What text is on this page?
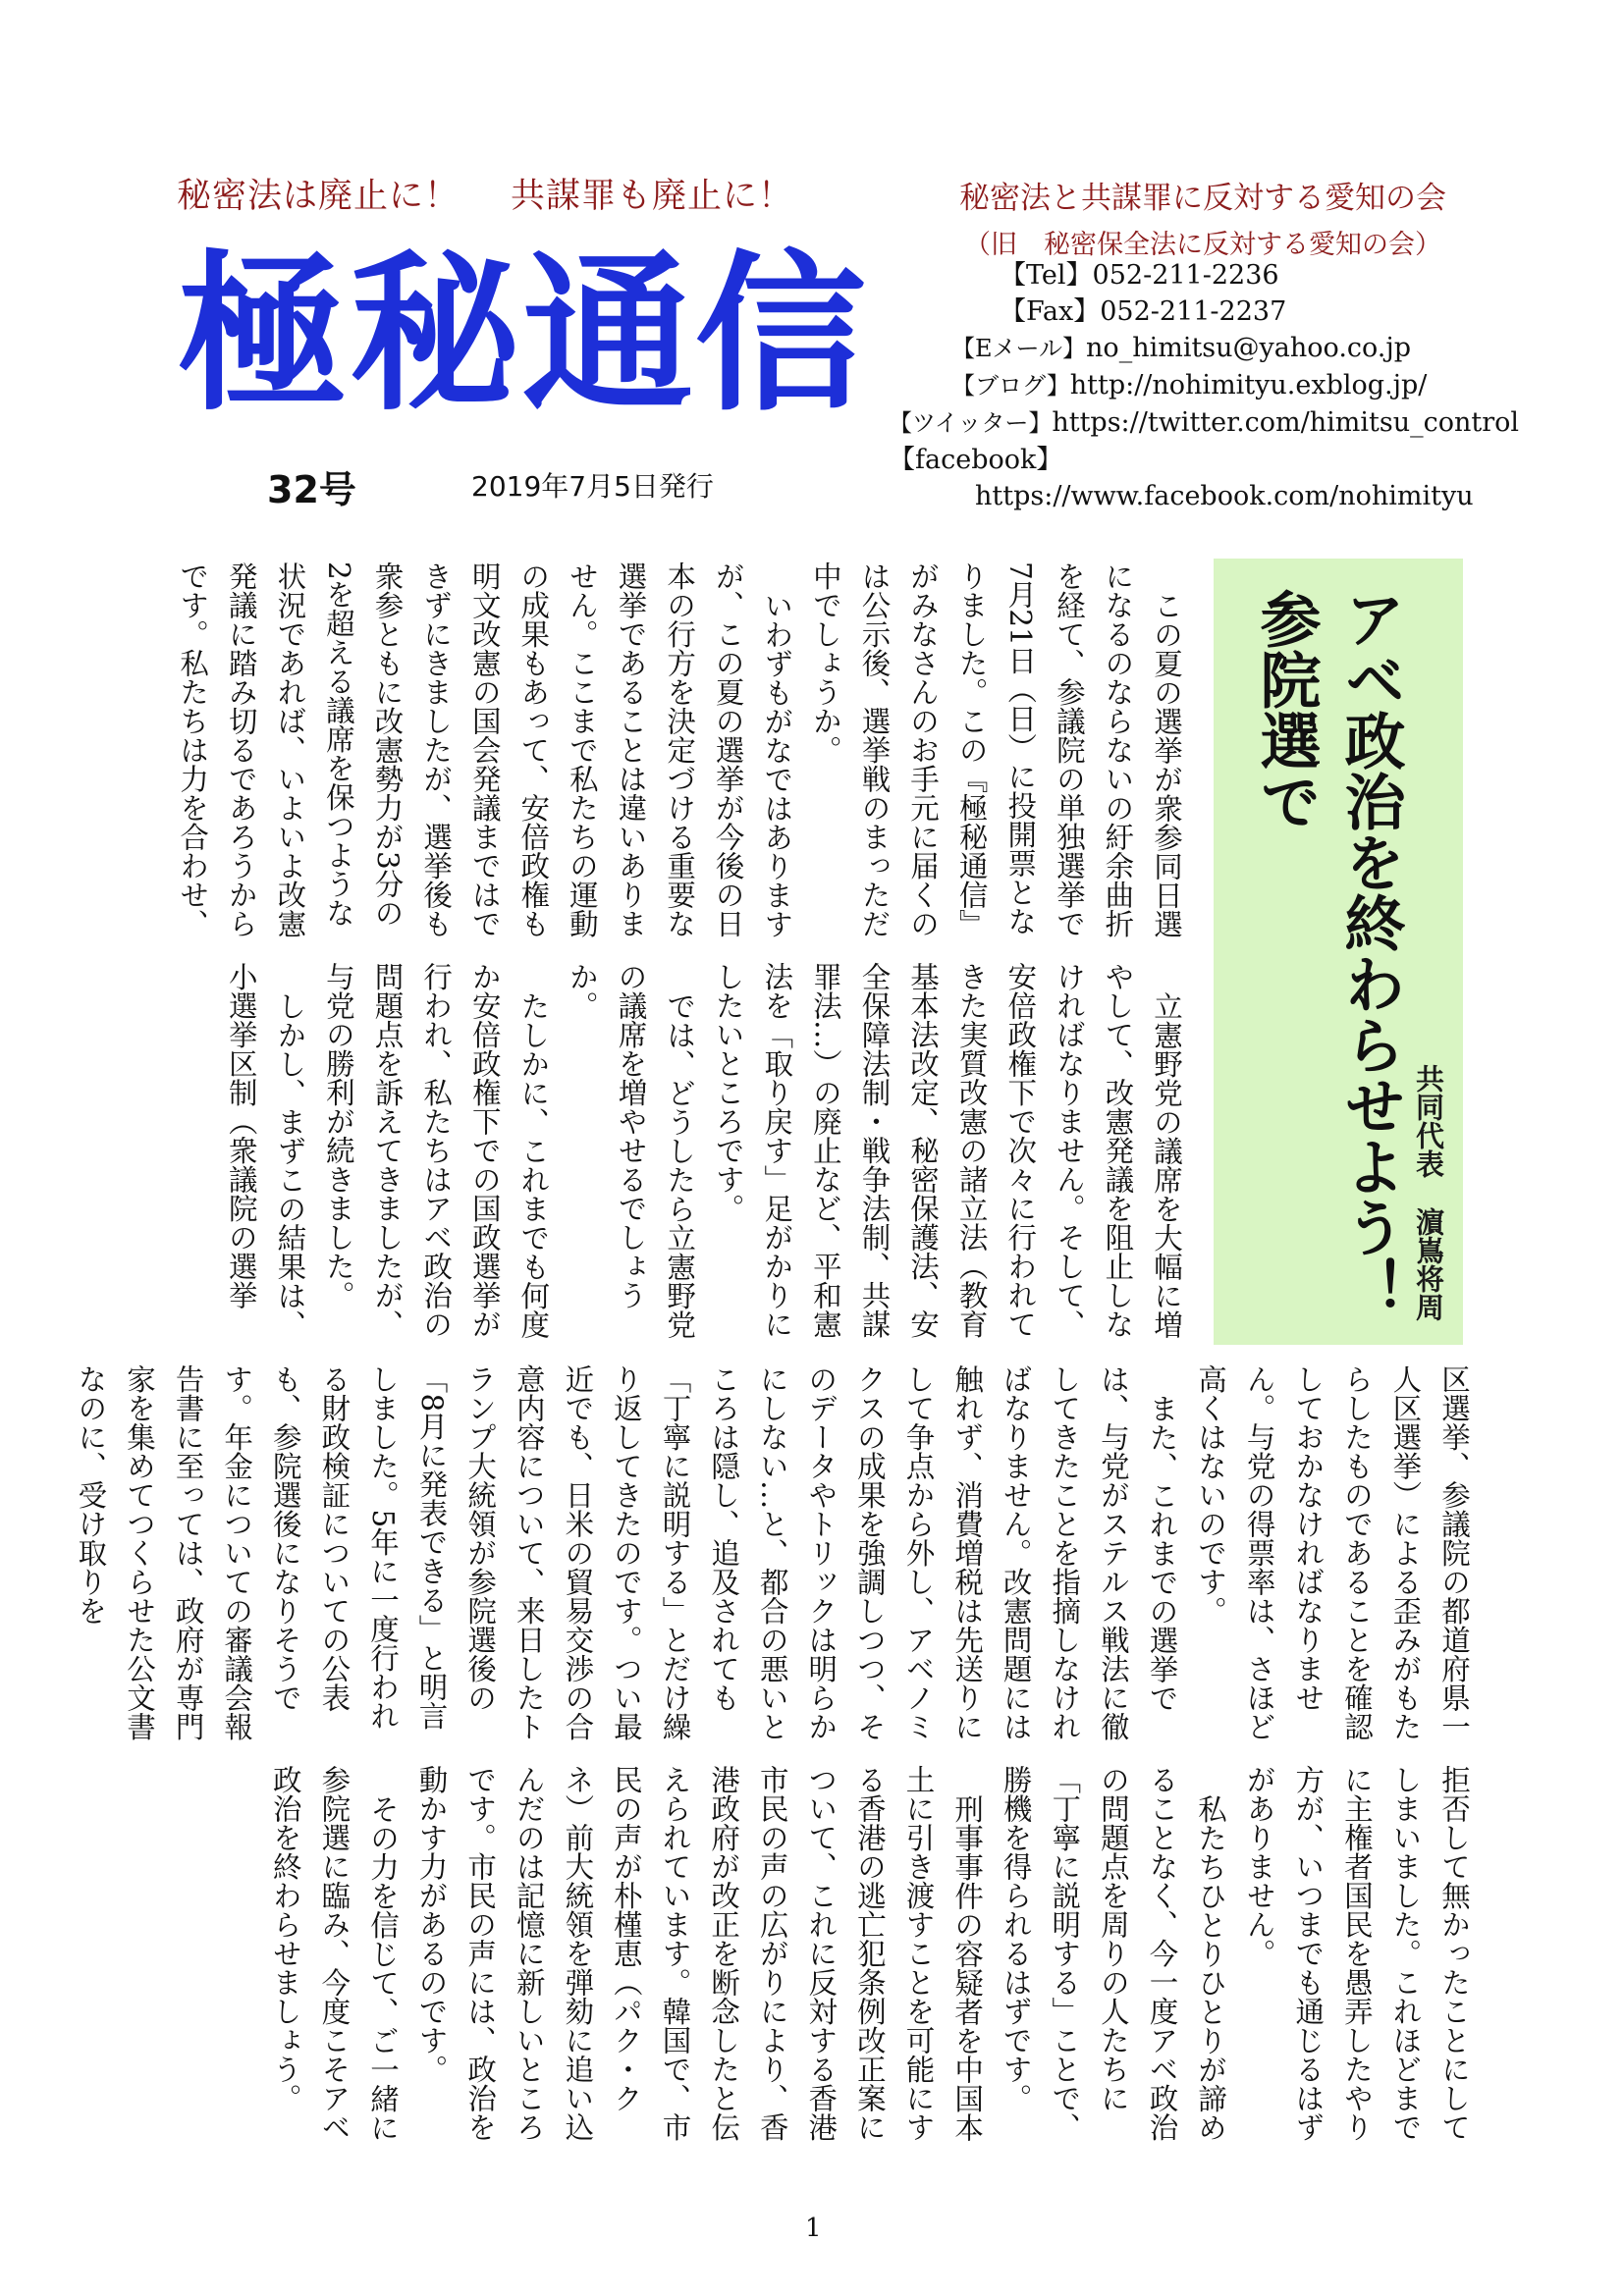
秘密法は廃止に！ 共謀罪も廃止に！	秘密法と共謀罪に反対する愛知の会
（旧　秘密保全法に反対する愛知の会）
極秘通信
32号	2019年7月5日発行
【Tel】052-211-2236
【Fax】052-211-2237
【Eメール】no_himitsu@yahoo.co.jp
【ブログ】http://nohimityu.exblog.jp/
【ツイッター】https://twitter.com/himitsu_control
【facebook】
https://www.facebook.com/nohimityu
参院選で アベ政治を終わらせよう！ 共同代表濵嶌将周

この夏の選挙が衆参同日選になるのならないの紆余曲折を経て、参議院の単独選挙で7月21日（日）に投開票となりました。この『極秘通信』がみなさんのお手元に届くのは公示後、選挙戦のまっただ中でしょうか。

いわずもがなではありますが、この夏の選挙が今後の日本の行方を決定づける重要な選挙であることは違いありません。ここまで私たちの運動の成果もあって、安倍政権も明文改憲の国会発議まではできずにきましたが、選挙後も衆参ともに改憲勢力が3分の2を超える議席を保つような状況であれば、いよいよ改憲発議に踏み切るであろうからです。私たちは力を合わせ、

立憲野党の議席を大幅に増やして、改憲発議を阻止しなければなりません。そして、安倍政権下で次々に行われてきた実質改憲の諸立法（教育基本法改定、秘密保護法、安全保障法制・戦争法制、共謀罪法…）の廃止など、平和憲法を「取り戻す」足がかりにしたいところです。

では、どうしたら立憲野党の議席を増やせるでしょうか。

たしかに、これまでも何度か安倍政権下での国政選挙が行われ、私たちはアベ政治の問題点を訴えてきましたが、与党の勝利が続きました。

しかし、まずこの結果は、小選挙区制（衆議院の選挙

区選挙、参議院の都道府県一人区選挙）による歪みがもたらしたものであることを確認しておかなければなりません。与党の得票率は、さほど高くはないのです。

また、これまでの選挙では、与党がステルス戦法に徹してきたことを指摘しなければなりません。改憲問題には触れず、消費増税は先送りにして争点から外し、アベノミクスの成果を強調しつつ、そのデータやトリックは明らかにしない…と、都合の悪いところは隠し、追及されても「丁寧に説明する」とだけ繰り返してきたのです。つい最近でも、日米の貿易交渉の合意内容について、来日したトランプ大統領が参院選後の「8月に発表できる」と明言しました。5年に一度行われる財政検証についての公表も、参院選後になりそうです。年金についての審議会報告書に至っては、政府が専門家を集めてつくらせた公文書なのに、受け取りを

拒否して無かったことにしてしまいました。これほどまでに主権者国民を愚弄したやり方が、いつまでも通じるはずがありません。

私たちひとりひとりが諦めることなく、今一度アベ政治の問題点を周りの人たちに「丁寧に説明する」ことで、勝機を得られるはずです。

刑事事件の容疑者を中国本土に引き渡すことを可能にする香港の逃亡犯条例改正案について、これに反対する香港市民の声の広がりにより、香港政府が改正を断念したと伝えられています。韓国で、市民の声が朴槿恵（パク・クネ）前大統領を弾劾に追い込んだのは記憶に新しいところです。市民の声には、政治を動かす力があるのです。

その力を信じて、ご一緒に参院選に臨み、今度こそアベ政治を終わらせましょう。

1
